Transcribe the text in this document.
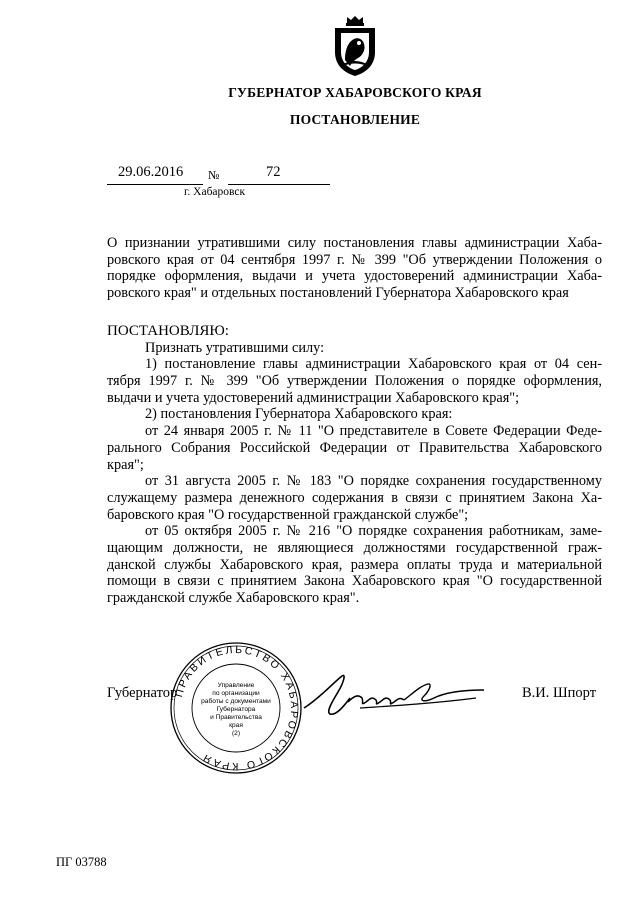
ГУБЕРНАТОР ХАБАРОВСКОГО КРАЯ
ПОСТАНОВЛЕНИЕ
29.06.2016 №	72
г. Хабаровск
О признании утратившими силу постановления главы администрации Хаба-
ровского края от 04 сентября 1997 г. № 399 "Об утверждении Положения о
порядке оформления, выдачи и учета удостоверений администрации Хаба-
ровского края" и отдельных постановлений Губернатора Хабаровского края
ПОСТАНОВЛЯЮ:
Признать утратившими силу:
1) постановление главы администрации Хабаровского края от 04 сен-
тября 1997 г. № 399 "Об утверждении Положения о порядке оформления,
выдачи и учета удостоверений администрации Хабаровского края";
2) постановления Губернатора Хабаровского края:
от 24 января 2005 г. № 11 "О представителе в Совете Федерации Феде-
рального Собрания Российской Федерации от Правительства Хабаровского
края";
от 31 августа 2005 г. № 183 "О порядке сохранения государственному
служащему размера денежного содержания в связи с принятием Закона Ха-
баровского края "О государственной гражданской службе";
от 05 октября 2005 г. № 216 "О порядке сохранения работникам, заме-
щающим должности, не являющиеся должностями государственной граж-
данской службы Хабаровского края, размера оплаты труда и материальной
помощи в связи с принятием Закона Хабаровского края "О государственной
гражданской службе Хабаровского края".
ПРАВИТЕЛЬСТВО ХАБАРОВСКОГО КРАЯ
Управление
по организации
работы с документами
Губернатора
и Правительства
края
(2)
Губернатор	В.И. Шпорт
ПГ 03788
